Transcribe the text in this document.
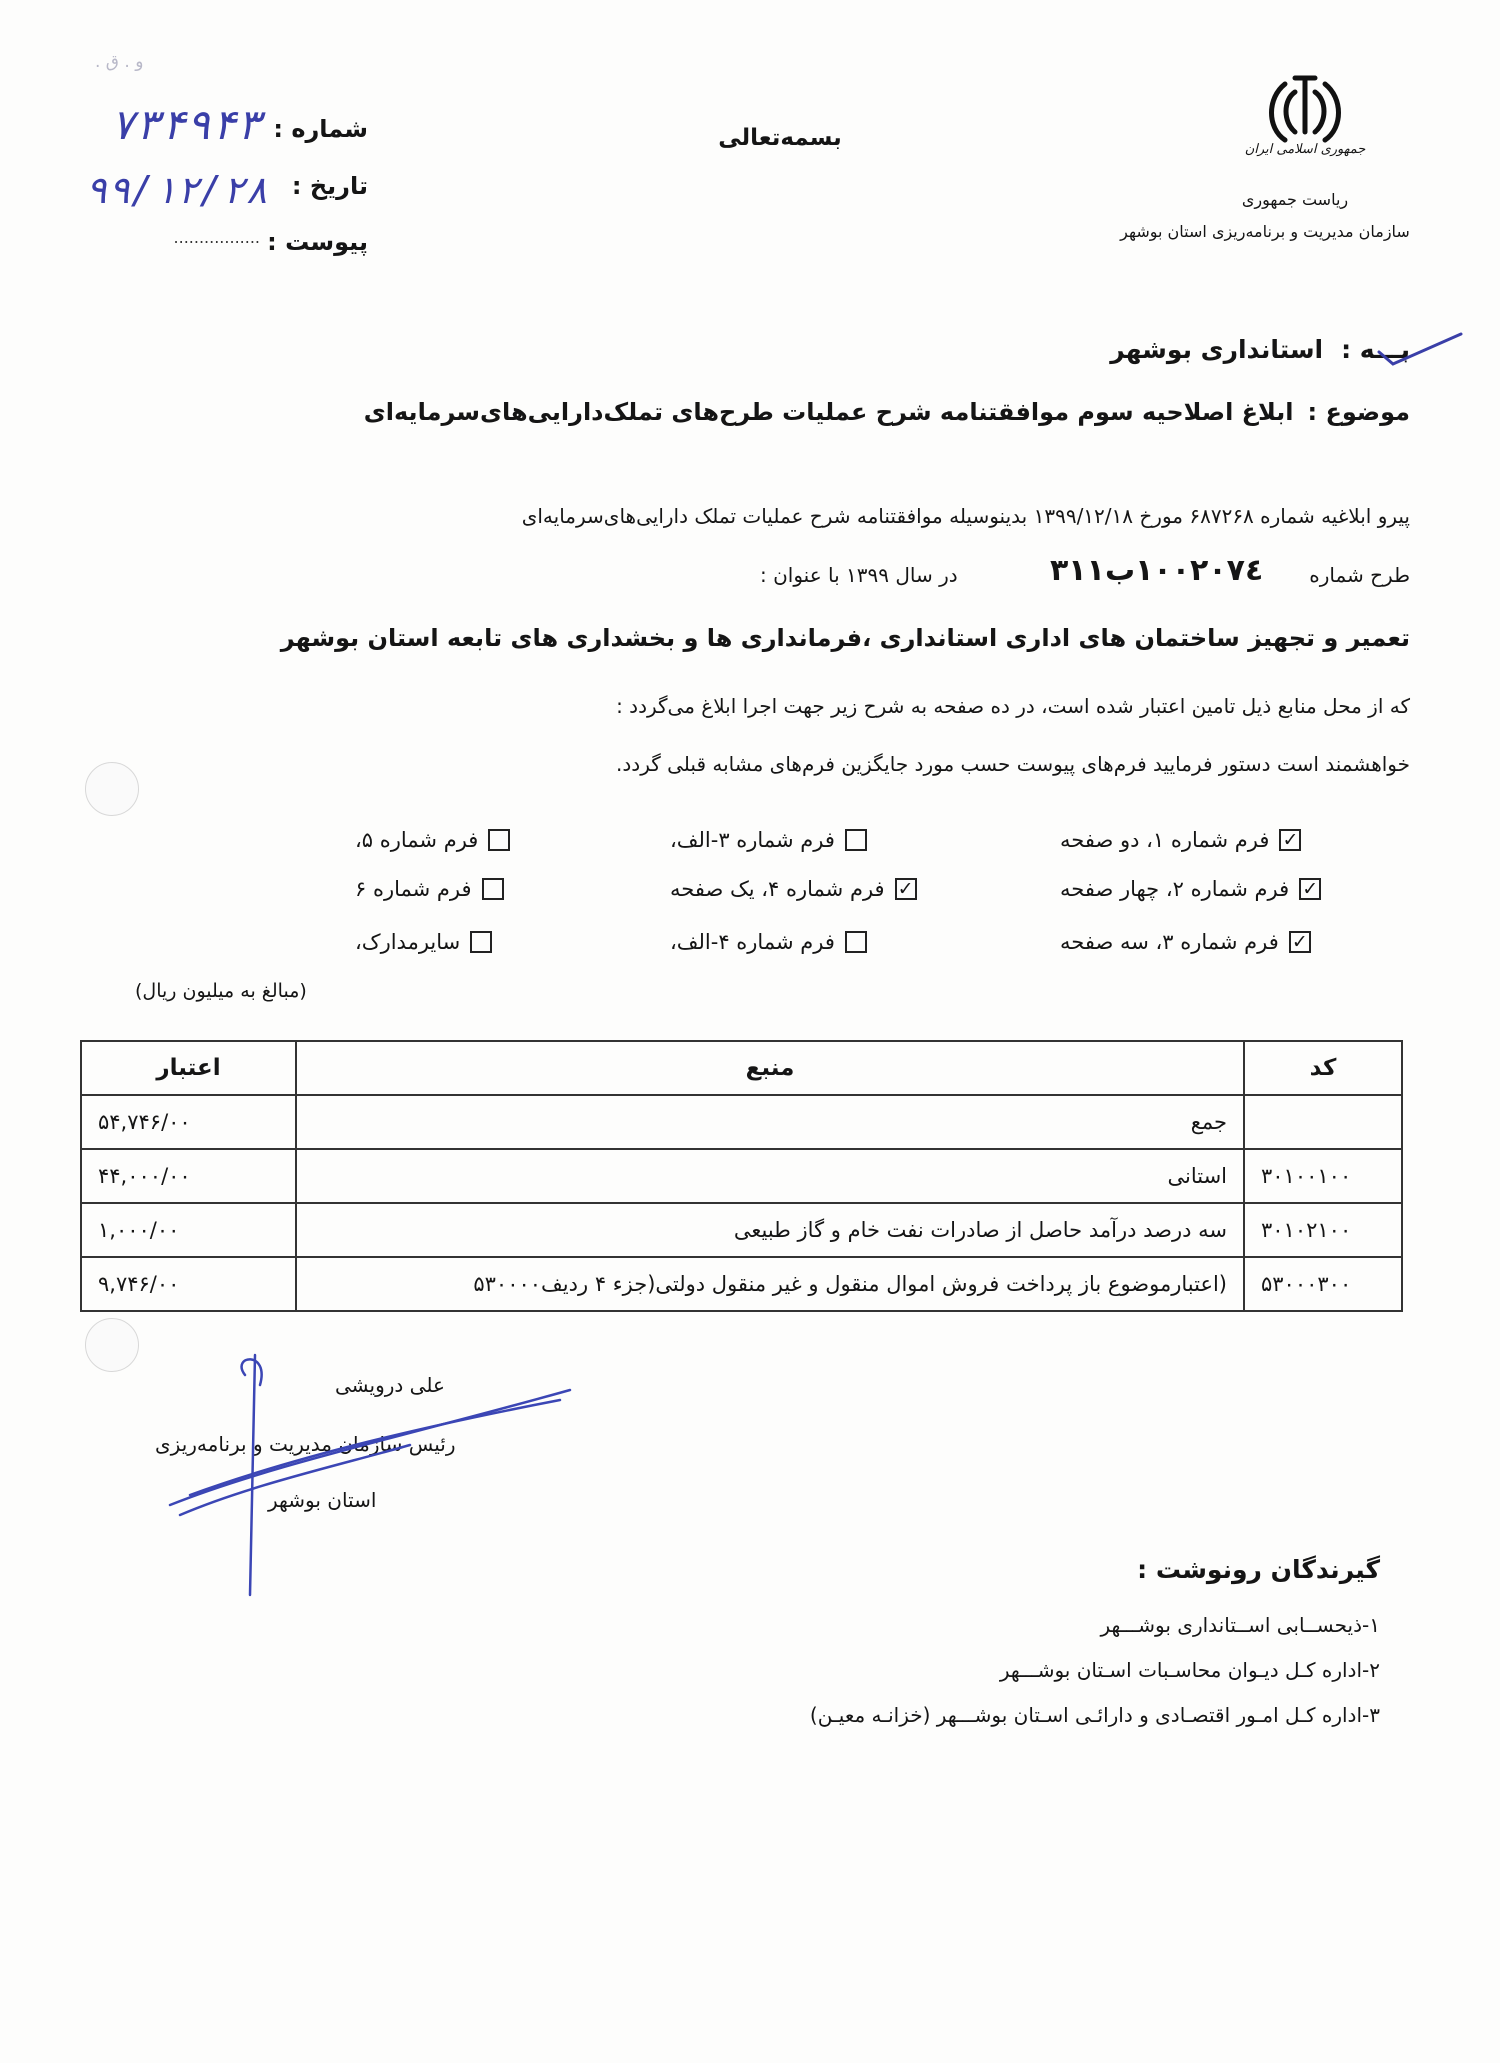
و . ق .
جمهوری اسلامی ایران
ریاست جمهوری
سازمان مدیریت و برنامه‌ریزی استان بوشهر
بسمه‌تعالی
شماره :
۷۳۴۹۴۳
تاریخ :
۹۹/۱۲/۲۸
پیوست :
.................
بـــه :
استانداری بوشهر
موضوع :
ابلاغ اصلاحیه سوم موافقتنامه شرح عملیات طرح‌های تملک‌دارایی‌های‌سرمایه‌ای
پیرو ابلاغیه شماره ۶۸۷۲۶۸ مورخ ۱۳۹۹/۱۲/۱۸ بدینوسیله موافقتنامه شرح عملیات تملک دارایی‌های‌سرمایه‌ای
طرح شماره
۱۰۰۲۰۷٤ب٣١١
در سال ۱۳۹۹ با عنوان :
تعمیر و تجهیز ساختمان های اداری استانداری ،فرمانداری ها و بخشداری های تابعه استان بوشهر
که از محل منابع ذیل تامین اعتبار شده است، در ده صفحه به شرح زیر جهت اجرا ابلاغ می‌گردد :
خواهشمند است دستور فرمایید فرم‌های پیوست حسب مورد جایگزین فرم‌های مشابه قبلی گردد.
✓
فرم شماره ۱، دو صفحه
فرم شماره ۳-الف،
فرم شماره ۵،
✓
فرم شماره ۲، چهار صفحه
✓
فرم شماره ۴، یک صفحه
فرم شماره ۶
✓
فرم شماره ۳، سه صفحه
فرم شماره ۴-الف،
سایرمدارک،
(مبالغ به میلیون ریال)
کد	منبع	اعتبار
	جمع	۵۴,۷۴۶/۰۰
۳۰۱۰۰۱۰۰	استانی	۴۴,۰۰۰/۰۰
۳۰۱۰۲۱۰۰	سه درصد درآمد حاصل از صادرات نفت خام و گاز طبیعی	۱,۰۰۰/۰۰
۵۳۰۰۰۳۰۰	(اعتبارموضوع باز پرداخت فروش اموال منقول و غیر منقول دولتی(جزء ۴ ردیف۵۳۰۰۰۰	۹,۷۴۶/۰۰
علی درویشی
رئیس سازمان مدیریت و برنامه‌ریزی
استان بوشهر
گیرندگان رونوشت :
۱-ذیحســابی اســتانداری بوشـــهر
۲-اداره کـل دیـوان محاسـبات اسـتان بوشـــهر
۳-اداره کـل امـور اقتصـادی و دارائـی اسـتان بوشـــهر (خزانـه معیـن)
